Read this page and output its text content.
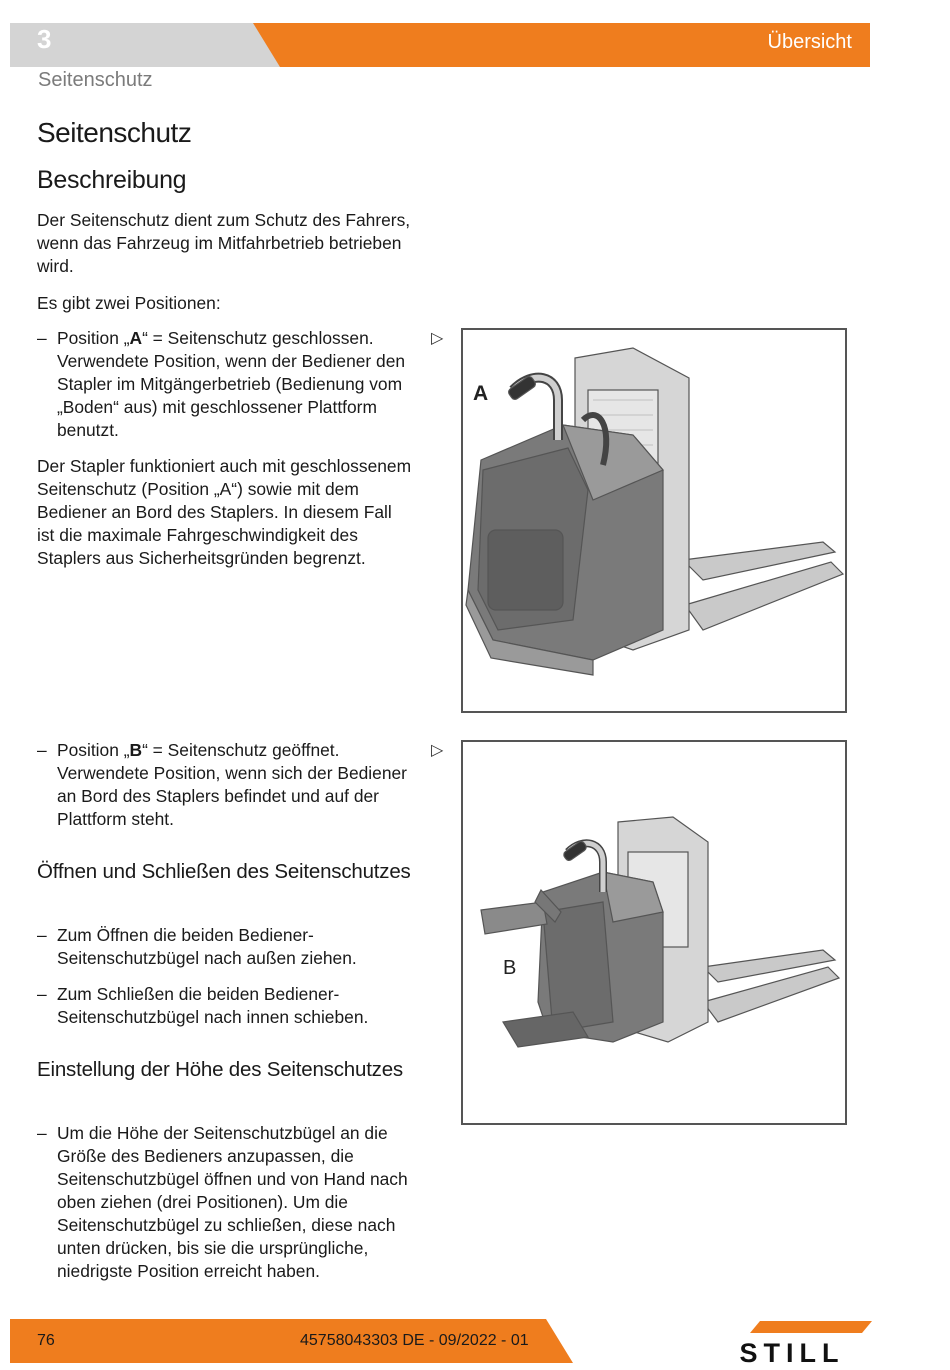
3	Übersicht
Seitenschutz
Seitenschutz
Beschreibung
Der Seitenschutz dient zum Schutz des Fahrers, wenn das Fahrzeug im Mitfahrbetrieb betrieben wird.
Es gibt zwei Positionen:
– Position „A“ = Seitenschutz geschlossen. Verwendete Position, wenn der Bediener den Stapler im Mitgängerbetrieb (Bedienung vom „Boden“ aus) mit geschlossener Plattform benutzt.
Der Stapler funktioniert auch mit geschlossenem Seitenschutz (Position „A“) sowie mit dem Bediener an Bord des Staplers. In diesem Fall ist die maximale Fahrgeschwindigkeit des Staplers aus Sicherheitsgründen begrenzt.
▷
A
– Position „B“ = Seitenschutz geöffnet. Verwendete Position, wenn sich der Bediener an Bord des Staplers befindet und auf der Plattform steht.
▷
B
Öffnen und Schließen des Seitenschutzes
– Zum Öffnen die beiden Bediener-Seitenschutzbügel nach außen ziehen.
– Zum Schließen die beiden Bediener-Seitenschutzbügel nach innen schieben.
Einstellung der Höhe des Seitenschutzes
– Um die Höhe der Seitenschutzbügel an die Größe des Bedieners anzupassen, die Seitenschutzbügel öffnen und von Hand nach oben ziehen (drei Positionen). Um die Seitenschutzbügel zu schließen, diese nach unten drücken, bis sie die ursprüngliche, niedrigste Position erreicht haben.
76	45758043303 DE - 09/2022 - 01	STILL
